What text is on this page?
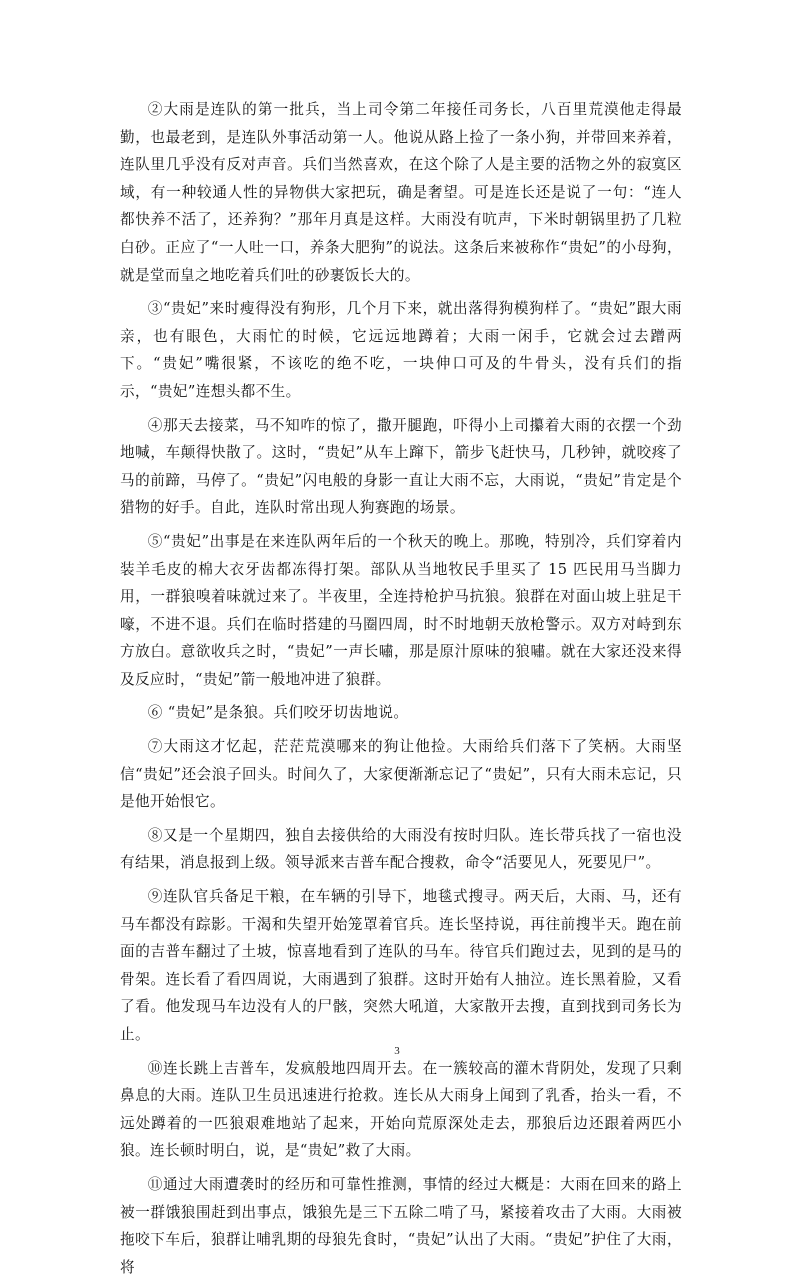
②大雨是连队的第一批兵，当上司令第二年接任司务长，八百里荒漠他走得最勤，也最老到，是连队外事活动第一人。他说从路上捡了一条小狗，并带回来养着，连队里几乎没有反对声音。兵们当然喜欢，在这个除了人是主要的活物之外的寂寞区域，有一种较通人性的异物供大家把玩，确是奢望。可是连长还是说了一句：“连人都快养不活了，还养狗？”那年月真是这样。大雨没有吭声，下米时朝锅里扔了几粒白砂。正应了“一人吐一口，养条大肥狗”的说法。这条后来被称作“贵妃”的小母狗，就是堂而皇之地吃着兵们吐的砂裹饭长大的。

③“贵妃”来时瘦得没有狗形，几个月下来，就出落得狗模狗样了。“贵妃”跟大雨亲，也有眼色，大雨忙的时候，它远远地蹲着；大雨一闲手，它就会过去蹭两下。“贵妃”嘴很紧，不该吃的绝不吃，一块伸口可及的牛骨头，没有兵们的指示，“贵妃”连想头都不生。

④那天去接菜，马不知咋的惊了，撒开腿跑，吓得小上司攥着大雨的衣摆一个劲地喊，车颠得快散了。这时，“贵妃”从车上蹿下，箭步飞赶快马，几秒钟，就咬疼了马的前蹄，马停了。“贵妃”闪电般的身影一直让大雨不忘，大雨说，“贵妃”肯定是个猎物的好手。自此，连队时常出现人狗赛跑的场景。

⑤“贵妃”出事是在来连队两年后的一个秋天的晚上。那晚，特别冷，兵们穿着内装羊毛皮的棉大衣牙齿都冻得打架。部队从当地牧民手里买了 15 匹民用马当脚力用，一群狼嗅着味就过来了。半夜里，全连持枪护马抗狼。狼群在对面山坡上驻足干嚎，不进不退。兵们在临时搭建的马圈四周，时不时地朝天放枪警示。双方对峙到东方放白。意欲收兵之时，“贵妃”一声长嘯，那是原汁原味的狼嘯。就在大家还没来得及反应时，“贵妃”箭一般地冲进了狼群。

⑥ “贵妃”是条狼。兵们咬牙切齿地说。

⑦大雨这才忆起，茫茫荒漠哪来的狗让他捡。大雨给兵们落下了笑柄。大雨坚信“贵妃”还会浪子回头。时间久了，大家便渐渐忘记了“贵妃”，只有大雨未忘记，只是他开始恨它。

⑧又是一个星期四，独自去接供给的大雨没有按时归队。连长带兵找了一宿也没有结果，消息报到上级。领导派来吉普车配合搜救，命令“活要见人，死要见尸”。

⑨连队官兵备足干粮，在车辆的引导下，地毯式搜寻。两天后，大雨、马，还有马车都没有踪影。干渴和失望开始笼罩着官兵。连长坚持说，再往前搜半天。跑在前面的吉普车翻过了土坡，惊喜地看到了连队的马车。待官兵们跑过去，见到的是马的骨架。连长看了看四周说，大雨遇到了狼群。这时开始有人抽泣。连长黑着脸，又看了看。他发现马车边没有人的尸骸，突然大吼道，大家散开去搜，直到找到司务长为止。

⑩连长跳上吉普车，发疯般地四周开去。在一簇较高的灌木背阴处，发现了只剩鼻息的大雨。连队卫生员迅速进行抢救。连长从大雨身上闻到了乳香，抬头一看，不远处蹲着的一匹狼艰难地站了起来，开始向荒原深处走去，那狼后边还跟着两匹小狼。连长顿时明白，说，是“贵妃”救了大雨。

⑪通过大雨遭袭时的经历和可靠性推测，事情的经过大概是：大雨在回来的路上被一群饿狼围赶到出事点，饿狼先是三下五除二啃了马，紧接着攻击了大雨。大雨被拖咬下车后，狼群让哺乳期的母狼先食时，“贵妃”认出了大雨。“贵妃”护住了大雨，将

3
